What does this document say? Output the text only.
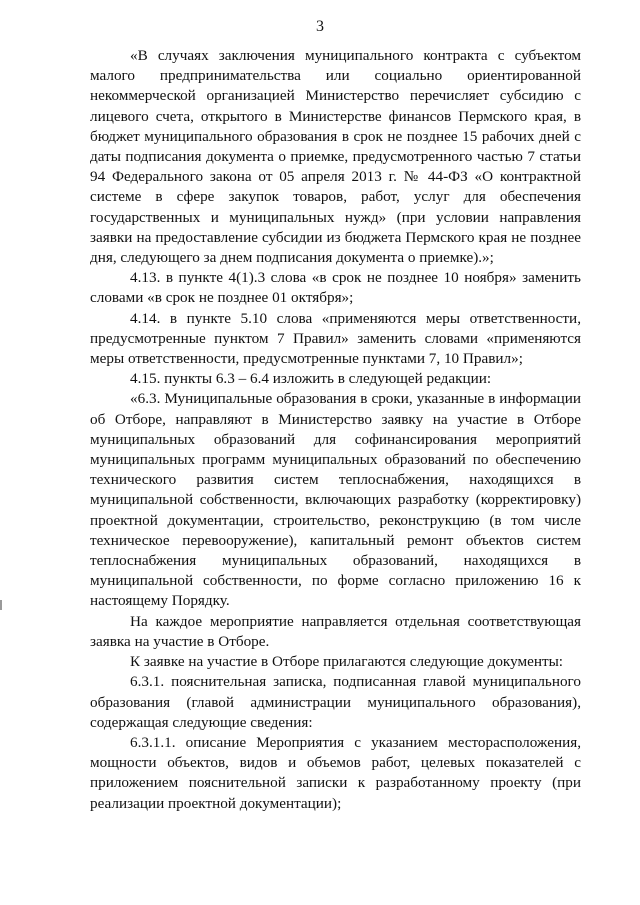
3

«В случаях заключения муниципального контракта с субъектом малого предпринимательства или социально ориентированной некоммерческой организацией Министерство перечисляет субсидию с лицевого счета, открытого в Министерстве финансов Пермского края, в бюджет муниципального образования в срок не позднее 15 рабочих дней с даты подписания документа о приемке, предусмотренного частью 7 статьи 94 Федерального закона от 05 апреля 2013 г. № 44-ФЗ «О контрактной системе в сфере закупок товаров, работ, услуг для обеспечения государственных и муниципальных нужд» (при условии направления заявки на предоставление субсидии из бюджета Пермского края не позднее дня, следующего за днем подписания документа о приемке).»;

4.13. в пункте 4(1).3 слова «в срок не позднее 10 ноября» заменить словами «в срок не позднее 01 октября»;

4.14. в пункте 5.10 слова «применяются меры ответственности, предусмотренные пунктом 7 Правил» заменить словами «применяются меры ответственности, предусмотренные пунктами 7, 10 Правил»;

4.15. пункты 6.3 – 6.4 изложить в следующей редакции:

«6.3. Муниципальные образования в сроки, указанные в информации об Отборе, направляют в Министерство заявку на участие в Отборе муниципальных образований для софинансирования мероприятий муниципальных программ муниципальных образований по обеспечению технического развития систем теплоснабжения, находящихся в муниципальной собственности, включающих разработку (корректировку) проектной документации, строительство, реконструкцию (в том числе техническое перевооружение), капитальный ремонт объектов систем теплоснабжения муниципальных образований, находящихся в муниципальной собственности, по форме согласно приложению 16 к настоящему Порядку.

На каждое мероприятие направляется отдельная соответствующая заявка на участие в Отборе.

К заявке на участие в Отборе прилагаются следующие документы:

6.3.1. пояснительная записка, подписанная главой муниципального образования (главой администрации муниципального образования), содержащая следующие сведения:

6.3.1.1. описание Мероприятия с указанием месторасположения, мощности объектов, видов и объемов работ, целевых показателей с приложением пояснительной записки к разработанному проекту (при реализации проектной документации);
